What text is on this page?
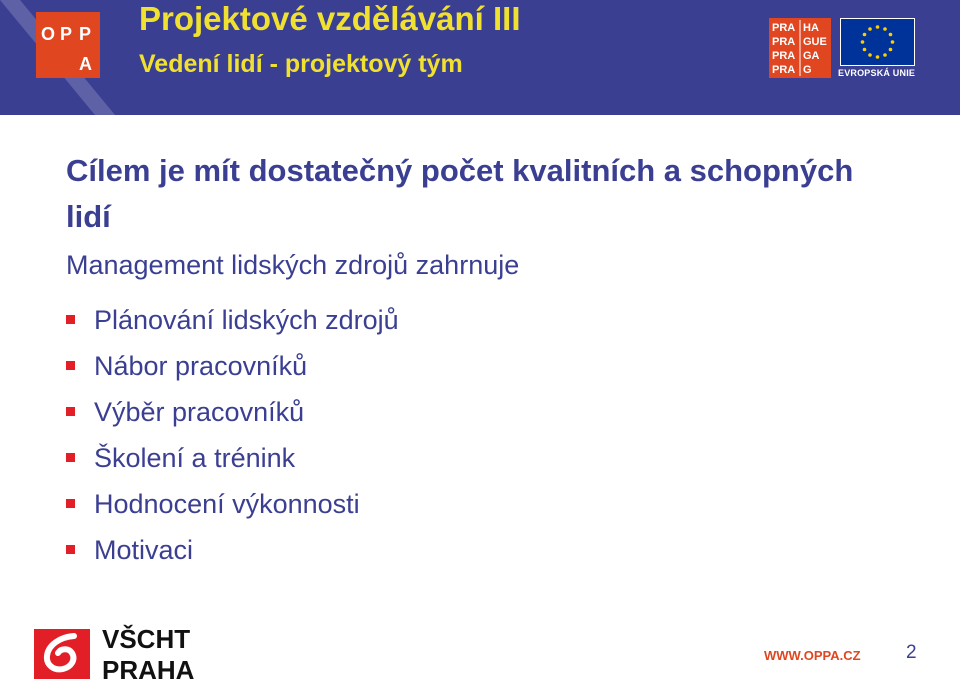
O P P
A
Projektové vzdělávání III
Vedení lidí - projektový tým
PRA HA
PRA GUE
PRA GA
PRA G	EVROPSKÁ UNIE
Cílem je mít dostatečný počet kvalitních a schopných lidí

Management lidských zdrojů zahrnuje

Plánování lidských zdrojů
Nábor pracovníků
Výběr pracovníků
Školení a trénink
Hodnocení výkonnosti
Motivaci
VŠCHT
PRAHA	WWW.OPPA.CZ 2
